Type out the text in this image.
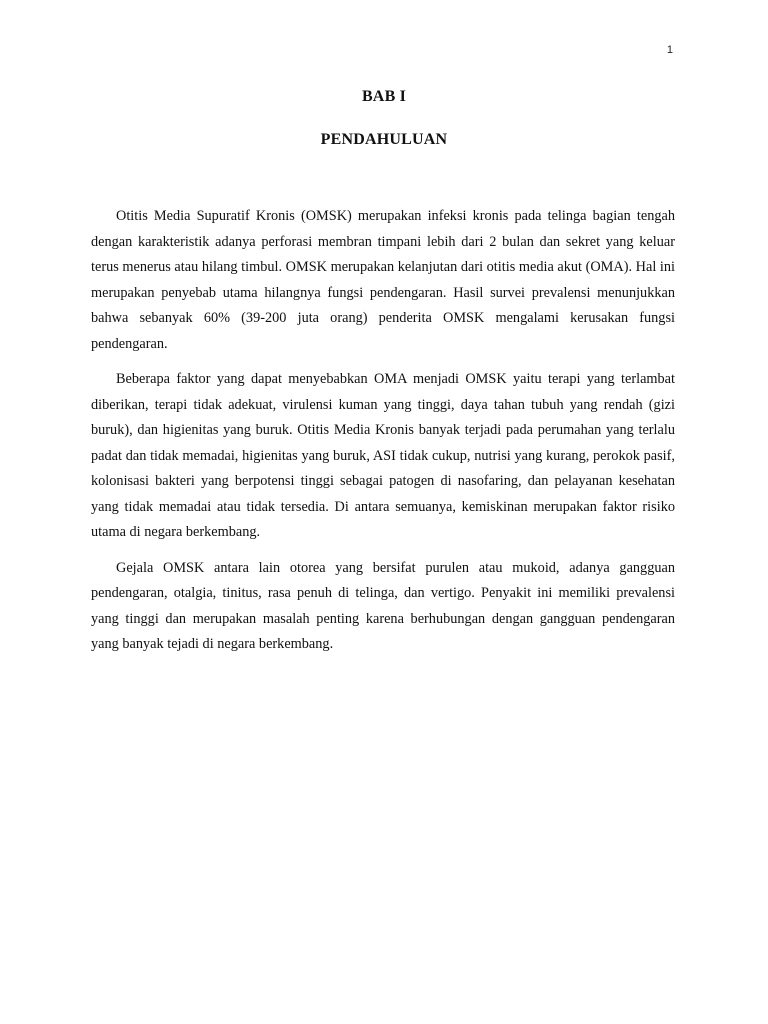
1
BAB I
PENDAHULUAN

Otitis Media Supuratif Kronis (OMSK) merupakan infeksi kronis pada telinga bagian tengah dengan karakteristik adanya perforasi membran timpani lebih dari 2 bulan dan sekret yang keluar terus menerus atau hilang timbul. OMSK merupakan kelanjutan dari otitis media akut (OMA). Hal ini merupakan penyebab utama hilangnya fungsi pendengaran. Hasil survei prevalensi menunjukkan bahwa sebanyak 60% (39-200 juta orang) penderita OMSK mengalami kerusakan fungsi pendengaran.

Beberapa faktor yang dapat menyebabkan OMA menjadi OMSK yaitu terapi yang terlambat diberikan, terapi tidak adekuat, virulensi kuman yang tinggi, daya tahan tubuh yang rendah (gizi buruk), dan higienitas yang buruk. Otitis Media Kronis banyak terjadi pada perumahan yang terlalu padat dan tidak memadai, higienitas yang buruk, ASI tidak cukup, nutrisi yang kurang, perokok pasif, kolonisasi bakteri yang berpotensi tinggi sebagai patogen di nasofaring, dan pelayanan kesehatan yang tidak memadai atau tidak tersedia. Di antara semuanya, kemiskinan merupakan faktor risiko utama di negara berkembang.

Gejala OMSK antara lain otorea yang bersifat purulen atau mukoid, adanya gangguan pendengaran, otalgia, tinitus, rasa penuh di telinga, dan vertigo. Penyakit ini memiliki prevalensi yang tinggi dan merupakan masalah penting karena berhubungan dengan gangguan pendengaran yang banyak tejadi di negara berkembang.
